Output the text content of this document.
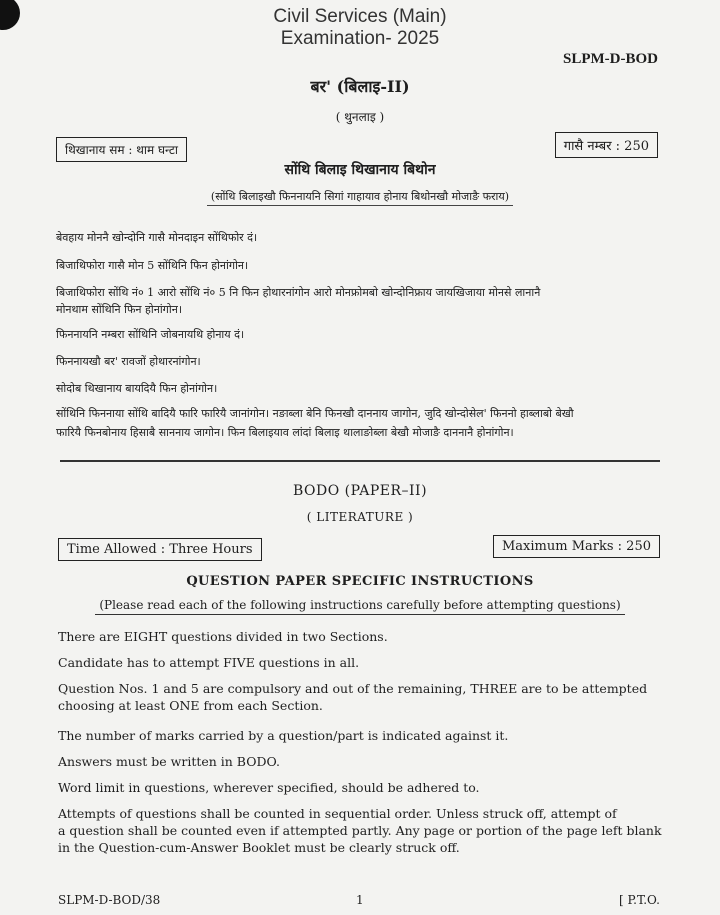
Civil Services (Main)
Examination- 2025
SLPM-D-BOD
बर' (बिलाइ-II)
( थुनलाइ )
थिखानाय सम : थाम घन्टा	गासै नम्बर : 250
सोंथि बिलाइ थिखानाय बिथोन
(सोंथि बिलाइखौ फिननायनि सिगां गाहायाव होनाय बिथोनखौ मोजाङै फराय)
बेवहाय मोननै खोन्दोनि गासै मोनदाइन सोंथिफोर दं।
बिजाथिफोरा गासै मोन 5 सोंथिनि फिन होनांगोन।
बिजाथिफोरा सोंथि नं० 1 आरो सोंथि नं० 5 नि फिन होथारनांगोन आरो मोनफ्रोमबो खोन्दोनिफ्राय जायखिजाया मोनसे लानानै
मोनथाम सोंथिनि फिन होनांगोन।
फिननायनि नम्बरा सोंथिनि जोबनायथि होनाय दं।
फिननायखौ बर' रावजों होथारनांगोन।
सोदोब थिखानाय बायदियै फिन होनांगोन।
सोंथिनि फिननाया सोंथि बादियै फारि फारियै जानांगोन। नङाब्ला बेनि फिनखौ दाननाय जागोन, जुदि खोन्दोसेल' फिननो हाब्लाबो बेखौ
फारियै फिनबोनाय हिसाबै साननाय जागोन। फिन बिलाइयाव लांदां बिलाइ थालाङोब्ला बेखौ मोजाङै दाननानै होनांगोन।
BODO (PAPER–II)
( LITERATURE )
Time Allowed : Three Hours	Maximum Marks : 250
QUESTION PAPER SPECIFIC INSTRUCTIONS
(Please read each of the following instructions carefully before attempting questions)
There are EIGHT questions divided in two Sections.
Candidate has to attempt FIVE questions in all.
Question Nos. 1 and 5 are compulsory and out of the remaining, THREE are to be attempted
choosing at least ONE from each Section.
The number of marks carried by a question/part is indicated against it.
Answers must be written in BODO.
Word limit in questions, wherever specified, should be adhered to.
Attempts of questions shall be counted in sequential order. Unless struck off, attempt of
a question shall be counted even if attempted partly. Any page or portion of the page left blank
in the Question-cum-Answer Booklet must be clearly struck off.
SLPM-D-BOD/38	1	[ P.T.O.
